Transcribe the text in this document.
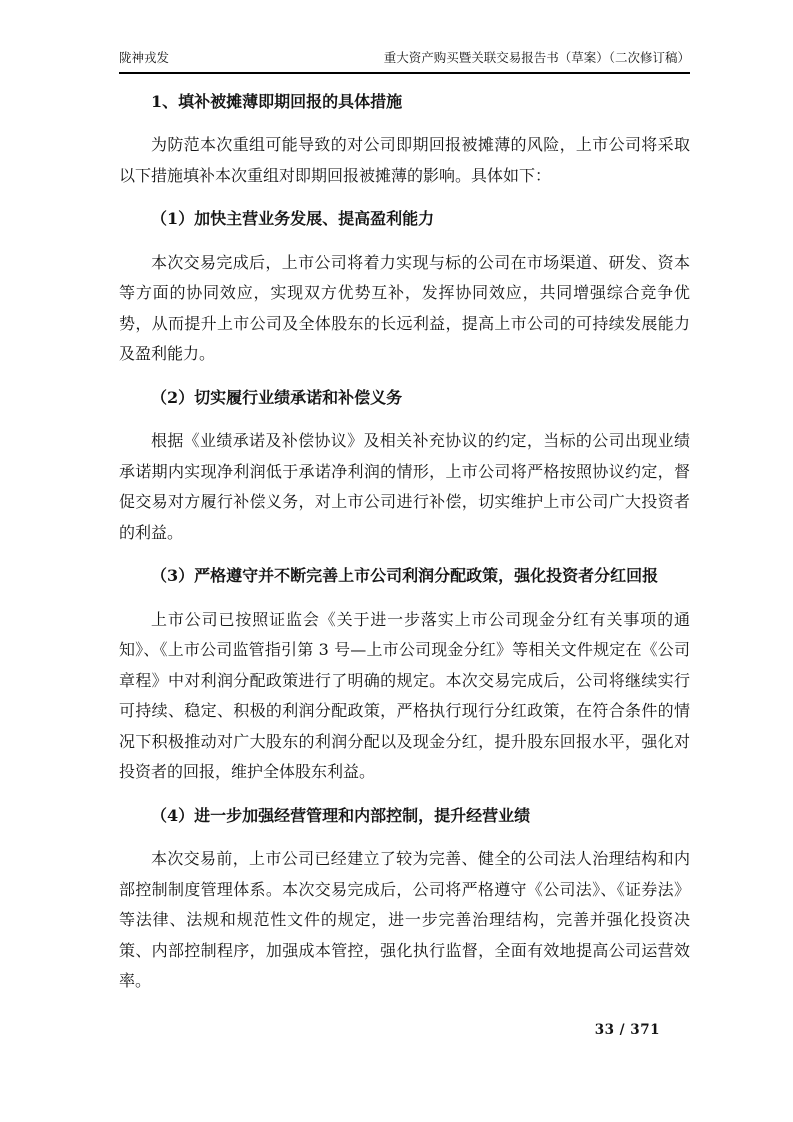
陇神戎发	重大资产购买暨关联交易报告书（草案）（二次修订稿）
1、填补被摊薄即期回报的具体措施

为防范本次重组可能导致的对公司即期回报被摊薄的风险，上市公司将采取以下措施填补本次重组对即期回报被摊薄的影响。具体如下：

（1）加快主营业务发展、提高盈利能力

本次交易完成后，上市公司将着力实现与标的公司在市场渠道、研发、资本等方面的协同效应，实现双方优势互补，发挥协同效应，共同增强综合竞争优势，从而提升上市公司及全体股东的长远利益，提高上市公司的可持续发展能力及盈利能力。

（2）切实履行业绩承诺和补偿义务

根据《业绩承诺及补偿协议》及相关补充协议的约定，当标的公司出现业绩承诺期内实现净利润低于承诺净利润的情形，上市公司将严格按照协议约定，督促交易对方履行补偿义务，对上市公司进行补偿，切实维护上市公司广大投资者的利益。

（3）严格遵守并不断完善上市公司利润分配政策，强化投资者分红回报

上市公司已按照证监会《关于进一步落实上市公司现金分红有关事项的通知》、《上市公司监管指引第 3 号—上市公司现金分红》等相关文件规定在《公司章程》中对利润分配政策进行了明确的规定。本次交易完成后，公司将继续实行可持续、稳定、积极的利润分配政策，严格执行现行分红政策，在符合条件的情况下积极推动对广大股东的利润分配以及现金分红，提升股东回报水平，强化对投资者的回报，维护全体股东利益。

（4）进一步加强经营管理和内部控制，提升经营业绩

本次交易前，上市公司已经建立了较为完善、健全的公司法人治理结构和内部控制制度管理体系。本次交易完成后，公司将严格遵守《公司法》、《证券法》等法律、法规和规范性文件的规定，进一步完善治理结构，完善并强化投资决策、内部控制程序，加强成本管控，强化执行监督，全面有效地提高公司运营效率。

33 / 371
